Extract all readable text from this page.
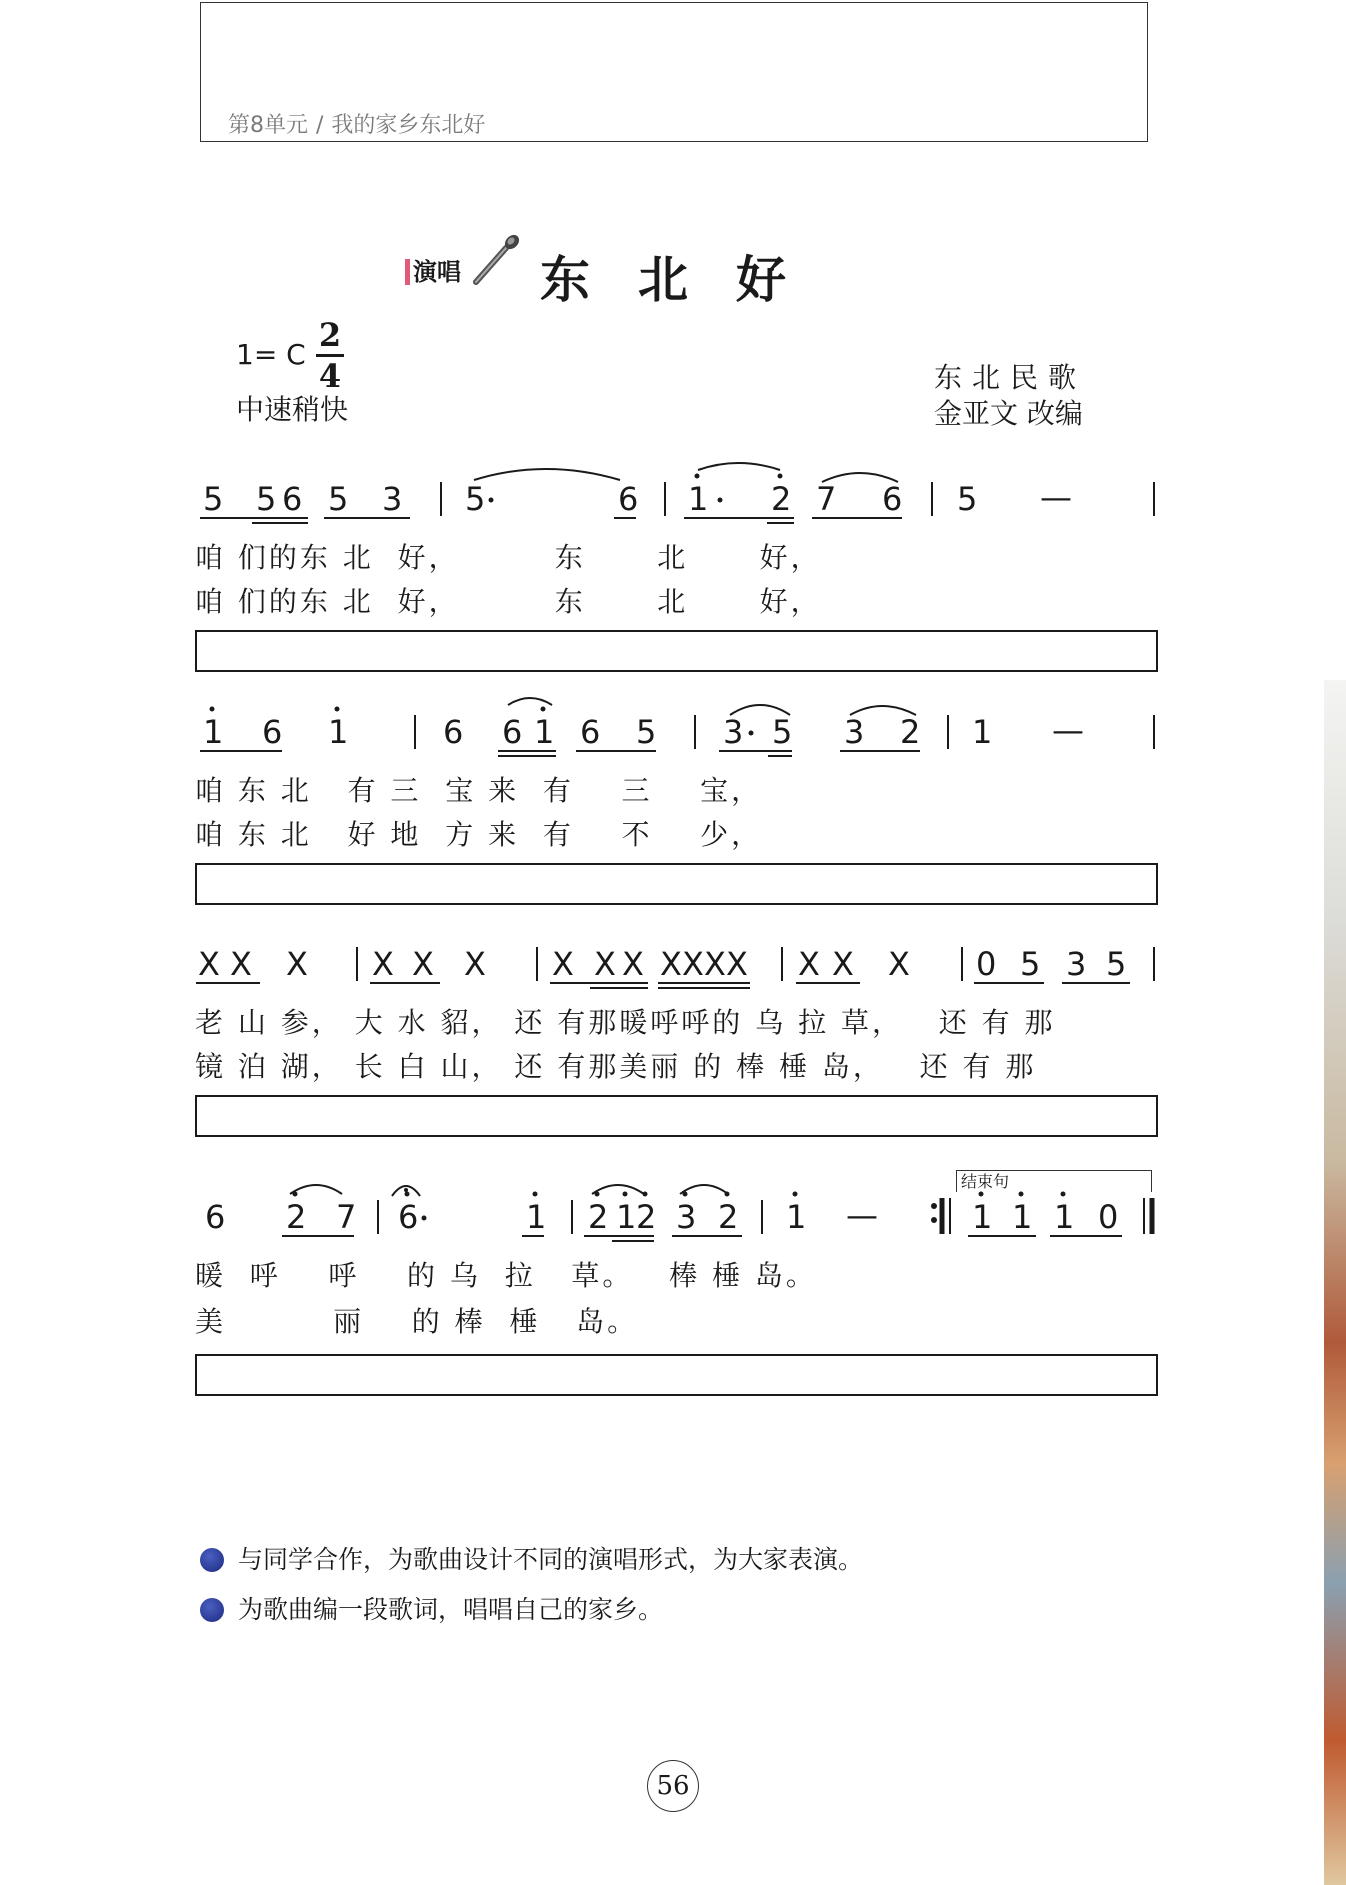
第8单元 / 我的家乡东北好
演唱 东北好
1= C
2
4
中速稍快
东北民歌
金亚文 改编
5 5 6 5 3 5	6 1 2 7 6 5 —
咱 们的东 北  好，        东      北      好，
咱 们的东 北  好，        东      北      好，
1 6 1	6 6 1 6 5 3 5 3 2 1 —
咱 东 北   有 三  宝 来  有    三    宝，
咱 东 北   好 地  方 来  有    不    少，
X X X X X X X X X X X X X X X X 0 5 3 5
老 山 参， 大 水 貂， 还 有那暖呼呼的 乌 拉 草，   还 有 那
镜 泊 湖， 长 白 山， 还 有那美丽 的 棒 棰 岛，   还 有 那
结束句
6 2 7 6	1 2 1 2 3 2 1 —	1 1 1 0
暖  呼    呼    的 乌  拉   草。   棒 棰 岛。
美         丽    的 棒  棰   岛。
与同学合作，为歌曲设计不同的演唱形式，为大家表演。
为歌曲编一段歌词，唱唱自己的家乡。
56
